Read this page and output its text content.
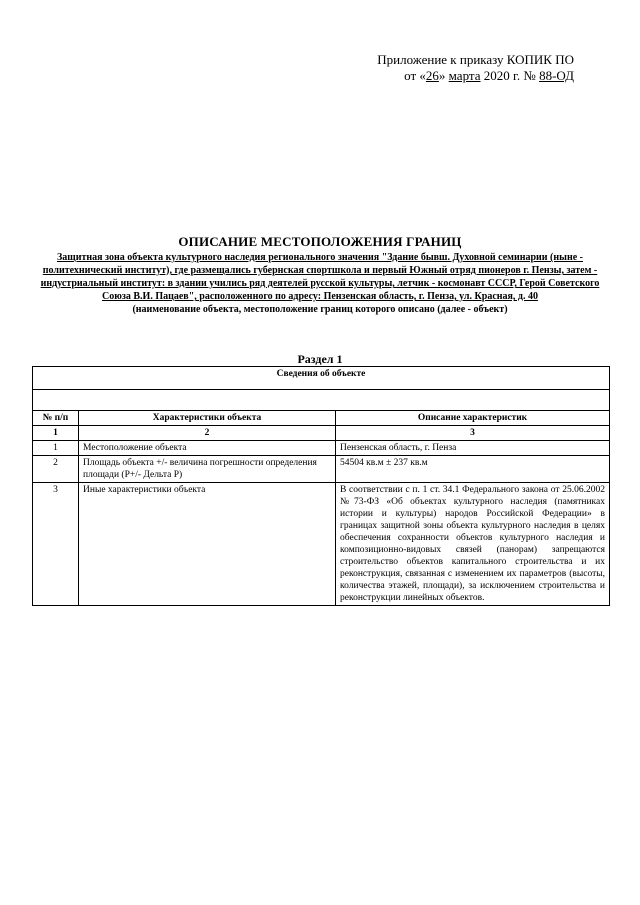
Приложение к приказу КОПИК ПО
от «26» марта 2020 г. № 88-ОД
ОПИСАНИЕ МЕСТОПОЛОЖЕНИЯ ГРАНИЦ
Защитная зона объекта культурного наследия регионального значения "Здание бывш. Духовной семинарии (ныне - политехнический институт), где размещались губернская спортшкола и первый Южный отряд пионеров г. Пензы, затем - индустриальный институт: в здании учились ряд деятелей русской культуры, летчик - космонавт СССР, Герой Советского Союза В.И. Пацаев", расположенного по адресу: Пензенская область, г. Пенза, ул. Красная, д. 40
(наименование объекта, местоположение границ которого описано (далее - объект)
Раздел 1
Сведения об объекте		

№ п/п	Характеристики объекта	Описание характеристик
1	2	3
1	Местоположение объекта	Пензенская область, г. Пенза
2	Площадь объекта +/- величина погрешности определения площади (P+/- Дельта P)	54504 кв.м ± 237 кв.м
3	Иные характеристики объекта	В соответствии с п. 1 ст. 34.1 Федерального закона от 25.06.2002 №73-ФЗ «Об объектах культурного наследия (памятниках истории и культуры) народов Российской Федерации» в границах защитной зоны объекта культурного наследия в целях обеспечения сохранности объектов культурного наследия и композиционно-видовых связей (панорам) запрещаются строительство объектов капитального строительства и их реконструкция, связанная с изменением их параметров (высоты, количества этажей, площади), за исключением строительства и реконструкции линейных объектов.
